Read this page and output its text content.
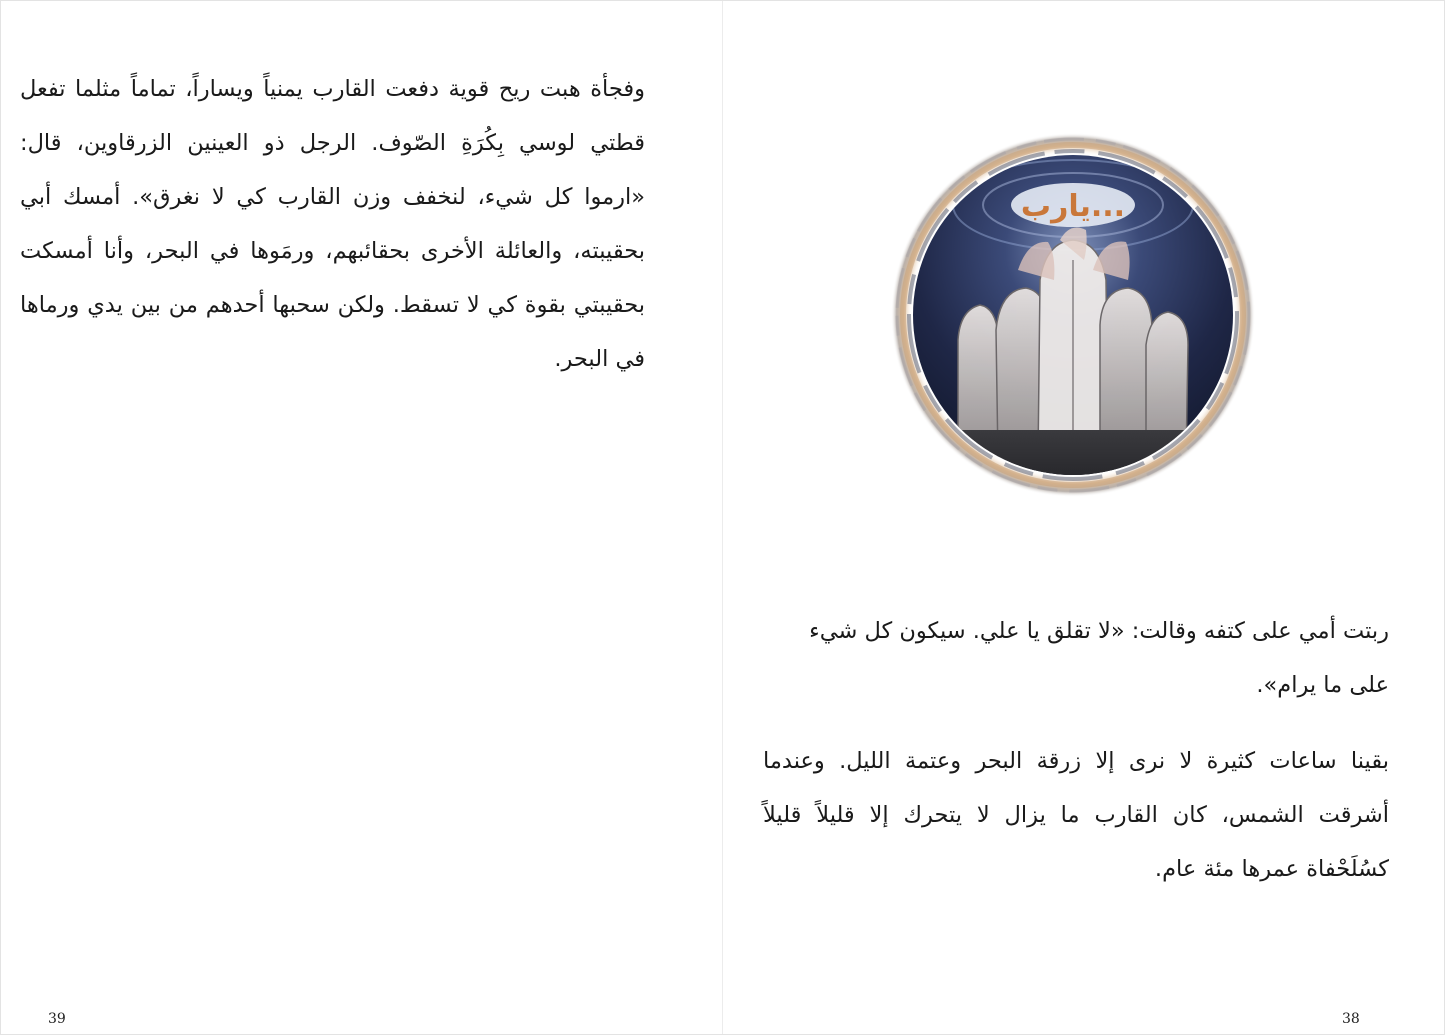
وفجأة هبت ريح قوية دفعت القارب يمنياً ويساراً، تماماً مثلما تفعل قطتي لوسي بِكُرَةِ الصّوف. الرجل ذو العينين الزرقاوين، قال: «ارموا كل شيء، لنخفف وزن القارب كي لا نغرق». أمسك أبي بحقيبته، والعائلة الأخرى بحقائبهم، ورمَوها في البحر، وأنا أمسكت بحقيبتي بقوة كي لا تسقط. ولكن سحبها أحدهم من بين يدي ورماها في البحر.

39
يارب...

ربتت أمي على كتفه وقالت: «لا تقلق يا علي. سيكون كل شيء على ما يرام».

بقينا ساعات كثيرة لا نرى إلا زرقة البحر وعتمة الليل. وعندما أشرقت الشمس، كان القارب ما يزال لا يتحرك إلا قليلاً قليلاً كسُلَحْفاة عمرها مئة عام.

38
